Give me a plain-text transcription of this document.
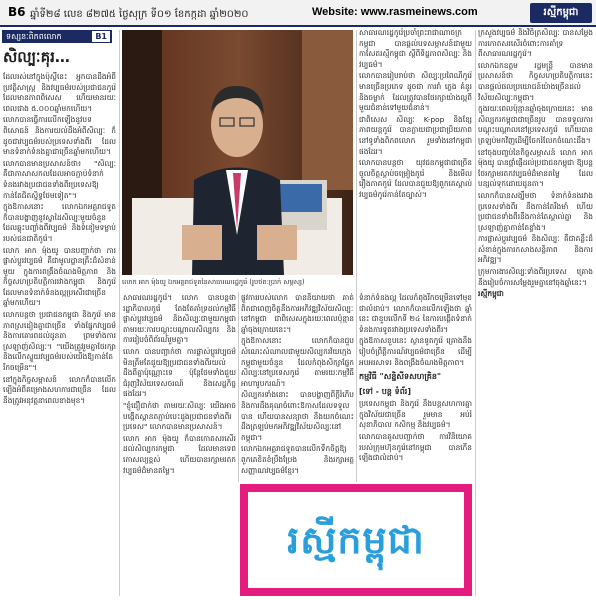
B6 ឆ្នាំទី២៨ លេខ ៨២៧៥ ថ្ងៃសុក្រ ទី០១ ខែកក្កដា ឆ្នាំ២០២០	Website: www.rasmeinews.com	រស្មីកម្ពុជា
ទស្សនៈពិភពលោក	B1
សិល្បៈគុរ…

ដែលរស់នៅក្នុងប៉ុស្តិ៍នេះ អ្នកបានដឹងអំពីប្រវត្តិសាស្ត្រ និងវប្បធម៌របស់ប្រជាជនកូរ៉េ ដែលមានភាពពិសេស ហើយមានរយៈពេលជាង ៥.០០០ឆ្នាំមកហើយ។

លោកបានធ្វើការលើកឡើងនូវបទពិសោធន៍ និងការយល់ដឹងអំពីសិល្បៈ ក៏ដូចជាវប្បធម៌របស់ប្រទេសទាំងពីរ ដែលមានទំនាក់ទំនងគ្នាជាច្រើនឆ្នាំមកហើយ។

លោកបានមានប្រសាសន៍ថា៖ "សិល្បៈ គឺជាភាសាសកលដែលអាចភ្ជាប់ទំនាក់ទំនងរវាងប្រជាជនទាំងពីរប្រទេសឱ្យកាន់តែជិតស្និទ្ធថែមទៀត"។

ក្នុងឱកាសនោះ លោកឯកអគ្គរាជទូតក៏បានបង្ហាញនូវស្នាដៃសិល្បៈមួយចំនួន ដែលឆ្លុះបញ្ចាំងពីវប្បធម៌ និងទំនៀមទម្លាប់របស់ជនជាតិកូរ៉េ។

លោក អាក ម៉ុងយូ បានបញ្ជាក់ថា ការផ្លាស់ប្តូរវប្បធម៌ គឺជាមូលដ្ឋានគ្រឹះដ៏សំខាន់មួយ ក្នុងការពង្រឹងចំណងមិត្តភាព និងកិច្ចសហប្រតិបត្តិការរវាងកម្ពុជា និងកូរ៉េ ដែលមានទំនាក់ទំនងល្អប្រសើរជាច្រើនឆ្នាំមកហើយ។

លោកបន្តថា ប្រជាជនកម្ពុជា និងកូរ៉េ មានភាពស្រដៀងគ្នាជាច្រើន ទាំងផ្នែកវប្បធម៌ និងការគោរពដល់ដូនតា ព្រមទាំងការស្រឡាញ់សិល្បៈ។ "យើងត្រូវរួមគ្នាថែរក្សា និងលើកស្ទួយវប្បធម៌របស់យើងឱ្យកាន់តែរីកចម្រើន"។

នៅក្នុងកិច្ចសម្ភាសន៍ លោកក៏បានលើកឡើងអំពីគម្រោងសហការជាច្រើន ដែលនឹងត្រូវអនុវត្តនាពេលខាងមុខ។

លោក អាក ម៉ុងយូ ឯកអគ្គរាជទូតនៃសាធារណរដ្ឋកូរ៉េ (រូបថត:ប្រាក់ សម្ភស្ស)

សាធារណរដ្ឋកូរ៉េ។ លោក បានបន្តថា រដ្ឋាភិបាលកូរ៉េ តែងតែគាំទ្រដល់កម្មវិធីផ្លាស់ប្តូរវប្បធម៌ និងសិល្បៈជាមួយកម្ពុជា តាមរយៈការបណ្តុះបណ្តាលសិល្បករ និងការរៀបចំពិព័រណ៍រួមគ្នា។

លោក បានបញ្ជាក់ថា ការផ្លាស់ប្តូរវប្បធម៌ មិនត្រឹមតែជួយឱ្យប្រជាជនទាំងពីរយល់ដឹងពីគ្នាប៉ុណ្ណោះទេ ប៉ុន្តែថែមទាំងជួយជំរុញវិស័យទេសចរណ៍ និងសេដ្ឋកិច្ចផងដែរ។

"ខ្ញុំជឿជាក់ថា តាមរយៈសិល្បៈ យើងអាចបង្កើតស្ពានតភ្ជាប់បេះដូងប្រជាជនទាំងពីរប្រទេស" លោកបានមានប្រសាសន៍។

លោក អាក ម៉ុងយូ ក៏បានកោតសរសើរដល់សិល្បករកម្ពុជា ដែលមានទេពកោសល្យខ្ពស់ ហើយបានរក្សាមរតកវប្បធម៌ដ៏មានតម្លៃ។

ផ្លូវការរបស់លោក បាននិយាយថា គាត់ពិតជាពេញចិត្តនឹងការអភិវឌ្ឍវិស័យសិល្បៈនៅកម្ពុជា ជាពិសេសក្នុងរយៈពេលប៉ុន្មានឆ្នាំចុងក្រោយនេះ។

ក្នុងឱកាសនោះ លោកក៏បានជួបសំណេះសំណាលជាមួយសិល្បករវ័យក្មេងកម្ពុជាមួយចំនួន ដែលកំពុងសិក្សាផ្នែកសិល្បៈនៅប្រទេសកូរ៉េ តាមរយៈកម្មវិធីអាហារូបករណ៍។

សិល្បករទាំងនោះ បានបង្ហាញពីក្តីរំភើប និងការដឹងគុណចំពោះឱកាសដែលទទួលបាន ហើយបានសន្យាថា នឹងយកចំណេះដឹងត្រឡប់មកអភិវឌ្ឍវិស័យសិល្បៈនៅកម្ពុជា។

លោកឯកអគ្គរាជទូតបានលើកទឹកចិត្តឱ្យពួកគេខិតខំប្រឹងប្រែង និងរក្សាអត្តសញ្ញាណវប្បធម៌ខ្មែរ។

សាធារណរដ្ឋកូរ៉េប្រចាំព្រះរាជាណាចក្រកម្ពុជា បានផ្តល់បទសម្ភាសន៍ជាមួយកាសែតរស្មីកម្ពុជា ស្តីពីទិដ្ឋភាពសិល្បៈ និងវប្បធម៌។

លោកបានរៀបរាប់ថា សិល្បៈប្រពៃណីកូរ៉េ មានច្រើនប្រភេទ ដូចជា ការរាំ ភ្លេង គំនូរ និងចម្លាក់ ដែលត្រូវបានថែរក្សាយ៉ាងល្អពីមួយជំនាន់ទៅមួយជំនាន់។

ជាពិសេស សិល្បៈ K-pop និងខ្សែភាពយន្តកូរ៉េ បានក្លាយជាប្រជាប្រិយភាពនៅទូទាំងពិភពលោក រួមទាំងនៅកម្ពុជាផងដែរ។

លោកបានបន្តថា យុវជនកម្ពុជាជាច្រើន ចូលចិត្តស្តាប់ចម្រៀងកូរ៉េ និងមើលរឿងភាគកូរ៉េ ដែលបានជួយឱ្យពួកគេស្គាល់វប្បធម៌កូរ៉េកាន់តែច្បាស់។

ទំនាក់ទំនងល្អ ដែលកំពុងរីកចម្រើនទៅមុខជាលំដាប់។ លោកក៏បានលើកឡើងថា ឆ្នាំនេះ ជាខួបលើកទី ២៤ នៃការបង្កើតទំនាក់ទំនងការទូតរវាងប្រទេសទាំងពីរ។

ក្នុងឱកាសខួបនេះ ស្ថានទូតកូរ៉េ គ្រោងនឹងរៀបចំព្រឹត្តិការណ៍វប្បធម៌ជាច្រើន ដើម្បីអបអរសាទរ និងពង្រឹងចំណងមិត្តភាព។

កម្មវិធី "សន្និសីទសហគ្រិន"
[ទៅ - បន្ត ទំព័រ]

ប្រទេសកម្ពុជា និងកូរ៉េ នឹងបន្តសហការគ្នាក្នុងវិស័យជាច្រើន រួមមាន អប់រំ សុខាភិបាល កសិកម្ម និងវប្បធម៌។

លោកបានគូសបញ្ជាក់ថា ការវិនិយោគរបស់ក្រុមហ៊ុនកូរ៉េនៅកម្ពុជា បានកើនឡើងជាលំដាប់។

ក្រសួងវប្បធម៌ និងវិចិត្រសិល្បៈ បានសម្តែងការកោតសរសើរចំពោះការគាំទ្រពីសាធារណរដ្ឋកូរ៉េ។

លោកឯកឧត្តម រដ្ឋមន្ត្រី បានមានប្រសាសន៍ថា កិច្ចសហប្រតិបត្តិការនេះ បានផ្តល់ផលប្រយោជន៍យ៉ាងច្រើនដល់វិស័យសិល្បៈកម្ពុជា។

ក្នុងរយៈពេលប៉ុន្មានឆ្នាំចុងក្រោយនេះ មានសិល្បករកម្ពុជាជាច្រើនរូប បានទទួលការបណ្តុះបណ្តាលនៅប្រទេសកូរ៉េ ហើយបានត្រឡប់មកវិញដើម្បីចែករំលែកចំណេះដឹង។

នៅចុងបញ្ចប់នៃកិច្ចសម្ភាសន៍ លោក អាក ម៉ុងយូ បានផ្តាំផ្ញើដល់ប្រជាជនកម្ពុជា ឱ្យបន្តថែរក្សាមរតកវប្បធម៌ដ៏មានតម្លៃ ដែលបន្សល់ទុកដោយដូនតា។

លោកក៏បានសង្ឃឹមថា ទំនាក់ទំនងរវាងប្រទេសទាំងពីរ នឹងកាន់តែរឹងមាំ ហើយប្រជាជនទាំងពីរនឹងកាន់តែស្គាល់គ្នា និងស្រឡាញ់គ្នាកាន់តែខ្លាំង។

ការផ្លាស់ប្តូរវប្បធម៌ និងសិល្បៈ គឺជាគន្លឹះដ៏សំខាន់ក្នុងការកសាងសន្តិភាព និងការអភិវឌ្ឍ។

ក្រុមការងារសិល្បៈទាំងពីរប្រទេស គ្រោងនឹងរៀបចំការសម្តែងរួមគ្នានៅចុងឆ្នាំនេះ។

រស្មីកម្ពុជា

រស្មីកម្ពុជា
